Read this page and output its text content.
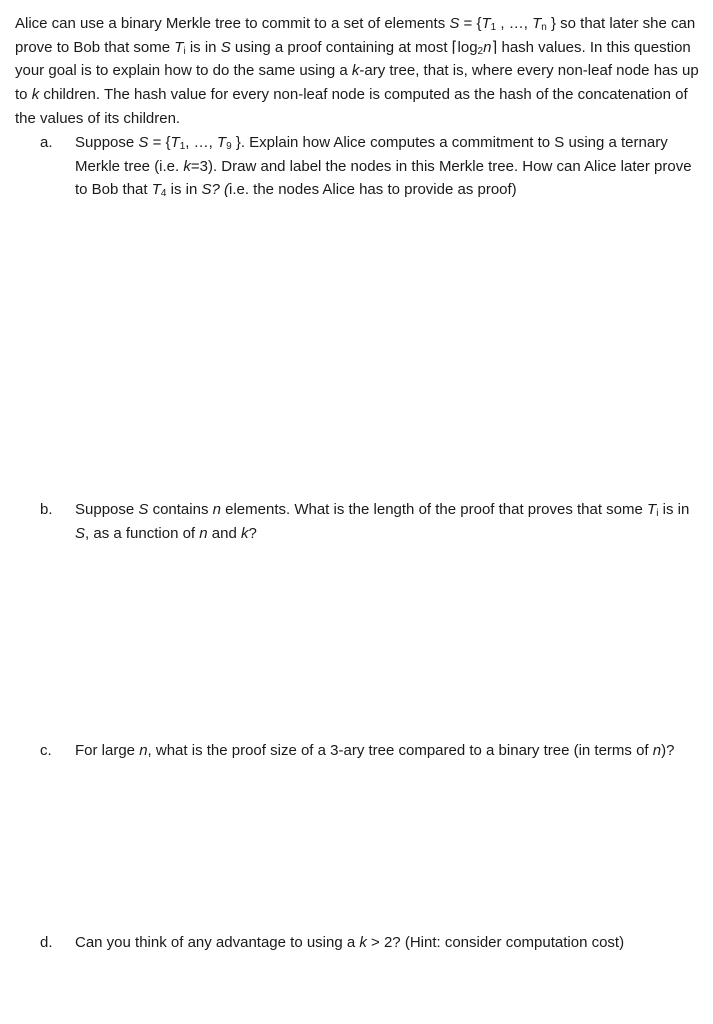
Alice can use a binary Merkle tree to commit to a set of elements $S = \{T_1$ , …, $T_n$ } so that later she can prove to Bob that some $T_i$ is in S using a proof containing at most $⌈\log_2n⌉$ hash values. In this question your goal is to explain how to do the same using a k-ary tree, that is, where every non-leaf node has up to k children. The hash value for every non-leaf node is computed as the hash of the concatenation of the values of its children.
a.	Suppose $S = \{T_1$, …, $T_9$ }. Explain how Alice computes a commitment to S using a ternary Merkle tree (i.e. k=3). Draw and label the nodes in this Merkle tree. How can Alice later prove to Bob that $T_4$ is in S? (i.e. the nodes Alice has to provide as proof)
b.	Suppose S contains n elements. What is the length of the proof that proves that some $T_i$ is in S, as a function of n and k?
c.	For large n, what is the proof size of a 3-ary tree compared to a binary tree (in terms of n)?
d.	Can you think of any advantage to using a k > 2? (Hint: consider computation cost)
